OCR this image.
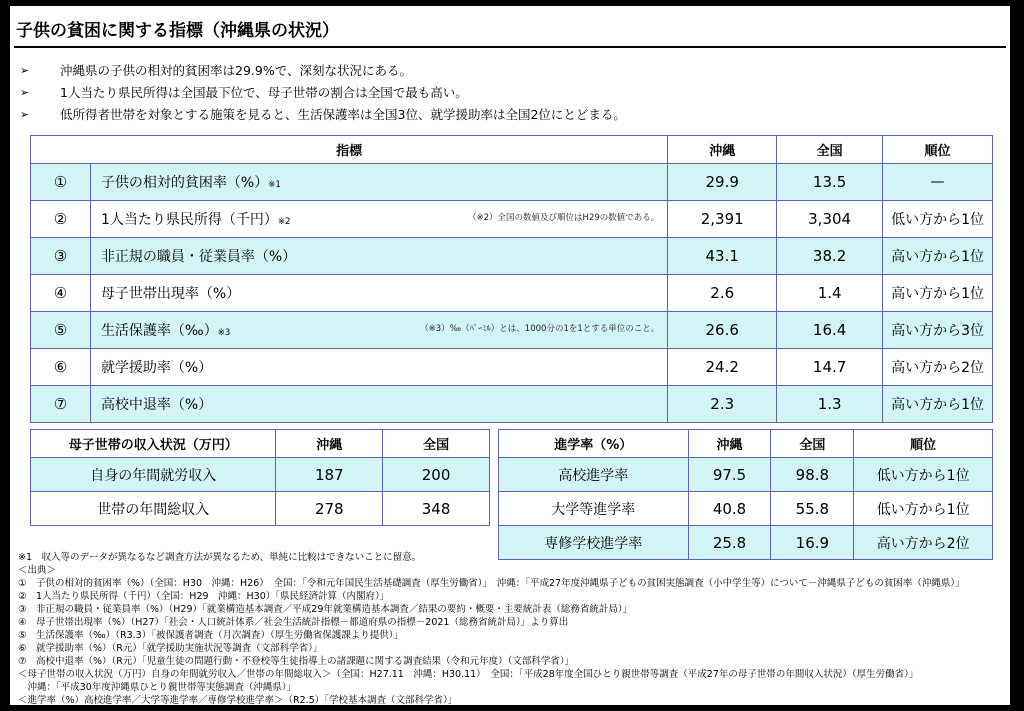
子供の貧困に関する指標（沖縄県の状況）
➢	沖縄県の子供の相対的貧困率は29.9%で、深刻な状況にある。
➢	1人当たり県民所得は全国最下位で、母子世帯の割合は全国で最も高い。
➢	低所得者世帯を対象とする施策を見ると、生活保護率は全国3位、就学援助率は全国2位にとどまる。
指標		沖縄	全国	順位
①	子供の相対的貧困率（%）※1	29.9	13.5	—
②	1人当たり県民所得（千円）※2 （※2）全国の数値及び順位はH29の数値である。	2,391	3,304	低い方から1位
③	非正規の職員・従業員率（%）	43.1	38.2	高い方から1位
④	母子世帯出現率（%）	2.6	1.4	高い方から1位
⑤	生活保護率（‰）※3 （※3）‰（ﾊﾟｰﾐﾙ）とは、1000分の1を1とする単位のこと。	26.6	16.4	高い方から3位
⑥	就学援助率（%）	24.2	14.7	高い方から2位
⑦	高校中退率（%）	2.3	1.3	高い方から1位
母子世帯の収入状況（万円）	沖縄	全国
自身の年間就労収入	187	200
世帯の年間総収入	278	348
進学率（%）	沖縄	全国	順位
高校進学率	97.5	98.8	低い方から1位
大学等進学率	40.8	55.8	低い方から1位
専修学校進学率	25.8	16.9	高い方から2位
※1　収入等のデータが異なるなど調査方法が異なるため、単純に比較はできないことに留意。
＜出典＞
①　子供の相対的貧困率（%）（全国：H30　沖縄：H26）　全国：「令和元年国民生活基礎調査（厚生労働省）」　沖縄：「平成27年度沖縄県子どもの貧困実態調査（小中学生等）について－沖縄県子どもの貧困率（沖縄県）」
②　1人当たり県民所得（千円）（全国：H29　沖縄：H30）「県民経済計算（内閣府）」
③　非正規の職員・従業員率（%）（H29）「就業構造基本調査／平成29年就業構造基本調査／結果の要約・概要・主要統計表（総務省統計局）」
④　母子世帯出現率（%）（H27）「社会・人口統計体系／社会生活統計指標－都道府県の指標－2021（総務省統計局）」より算出
⑤　生活保護率（‰）（R3.3）「被保護者調査（月次調査）（厚生労働省保護課より提供）」
⑥　就学援助率（%）（R元）「就学援助実施状況等調査（文部科学省）」
⑦　高校中退率（%）（R元）「児童生徒の問題行動・不登校等生徒指導上の諸課題に関する調査結果（令和元年度）（文部科学省）」
＜母子世帯の収入状況（万円）自身の年間就労収入／世帯の年間総収入＞（全国：H27.11　沖縄：H30.11）　全国：「平成28年度全国ひとり親世帯等調査（平成27年の母子世帯の年間収入状況）（厚生労働省）」
　沖縄：「平成30年度沖縄県ひとり親世帯等実態調査（沖縄県）」
＜進学率（%）高校進学率／大学等進学率／専修学校進学率＞（R2.5）「学校基本調査（文部科学省）」
